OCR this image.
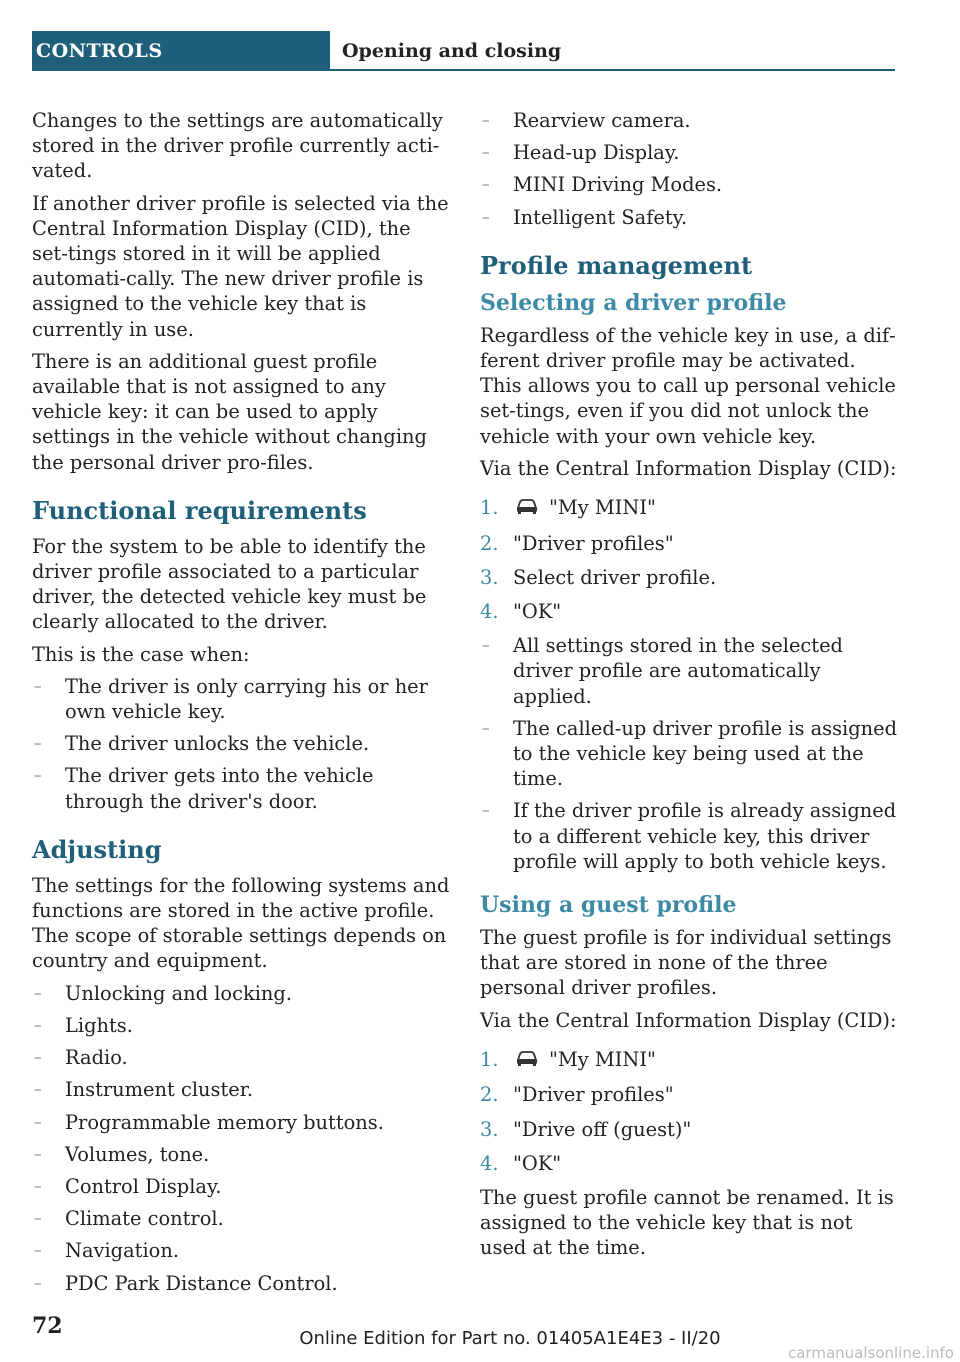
CONTROLS	Opening and closing

Changes to the settings are automatically stored in the driver profile currently acti‐vated.

If another driver profile is selected via the Central Information Display (CID), the set‐tings stored in it will be applied automati‐cally. The new driver profile is assigned to the vehicle key that is currently in use.

There is an additional guest profile available that is not assigned to any vehicle key: it can be used to apply settings in the vehicle without changing the personal driver pro‐files.

Functional requirements

For the system to be able to identify the driver profile associated to a particular driver, the detected vehicle key must be clearly allocated to the driver.

This is the case when:

– The driver is only carrying his or her own vehicle key.
– The driver unlocks the vehicle.
– The driver gets into the vehicle through the driver's door.
Adjusting

The settings for the following systems and functions are stored in the active profile. The scope of storable settings depends on country and equipment.

– Unlocking and locking.
– Lights.
– Radio.
– Instrument cluster.
– Programmable memory buttons.
– Volumes, tone.
– Control Display.
– Climate control.
– Navigation.
– PDC Park Distance Control.
– Rearview camera.
– Head-up Display.
– MINI Driving Modes.
– Intelligent Safety.
Profile management
Selecting a driver profile

Regardless of the vehicle key in use, a dif‐ferent driver profile may be activated. This allows you to call up personal vehicle set‐tings, even if you did not unlock the vehicle with your own vehicle key.

Via the Central Information Display (CID):

1.	"My MINI"
2. "Driver profiles"
3. Select driver profile.
4. "OK"
– All settings stored in the selected driver profile are automatically applied.
– The called-up driver profile is assigned to the vehicle key being used at the time.
– If the driver profile is already assigned to a different vehicle key, this driver profile will apply to both vehicle keys.
Using a guest profile

The guest profile is for individual settings that are stored in none of the three personal driver profiles.

Via the Central Information Display (CID):

1.	"My MINI"
2. "Driver profiles"
3. "Drive off (guest)"
4. "OK"

The guest profile cannot be renamed. It is assigned to the vehicle key that is not used at the time.

72	Online Edition for Part no. 01405A1E4E3 - II/20
carmanualsonline.info
